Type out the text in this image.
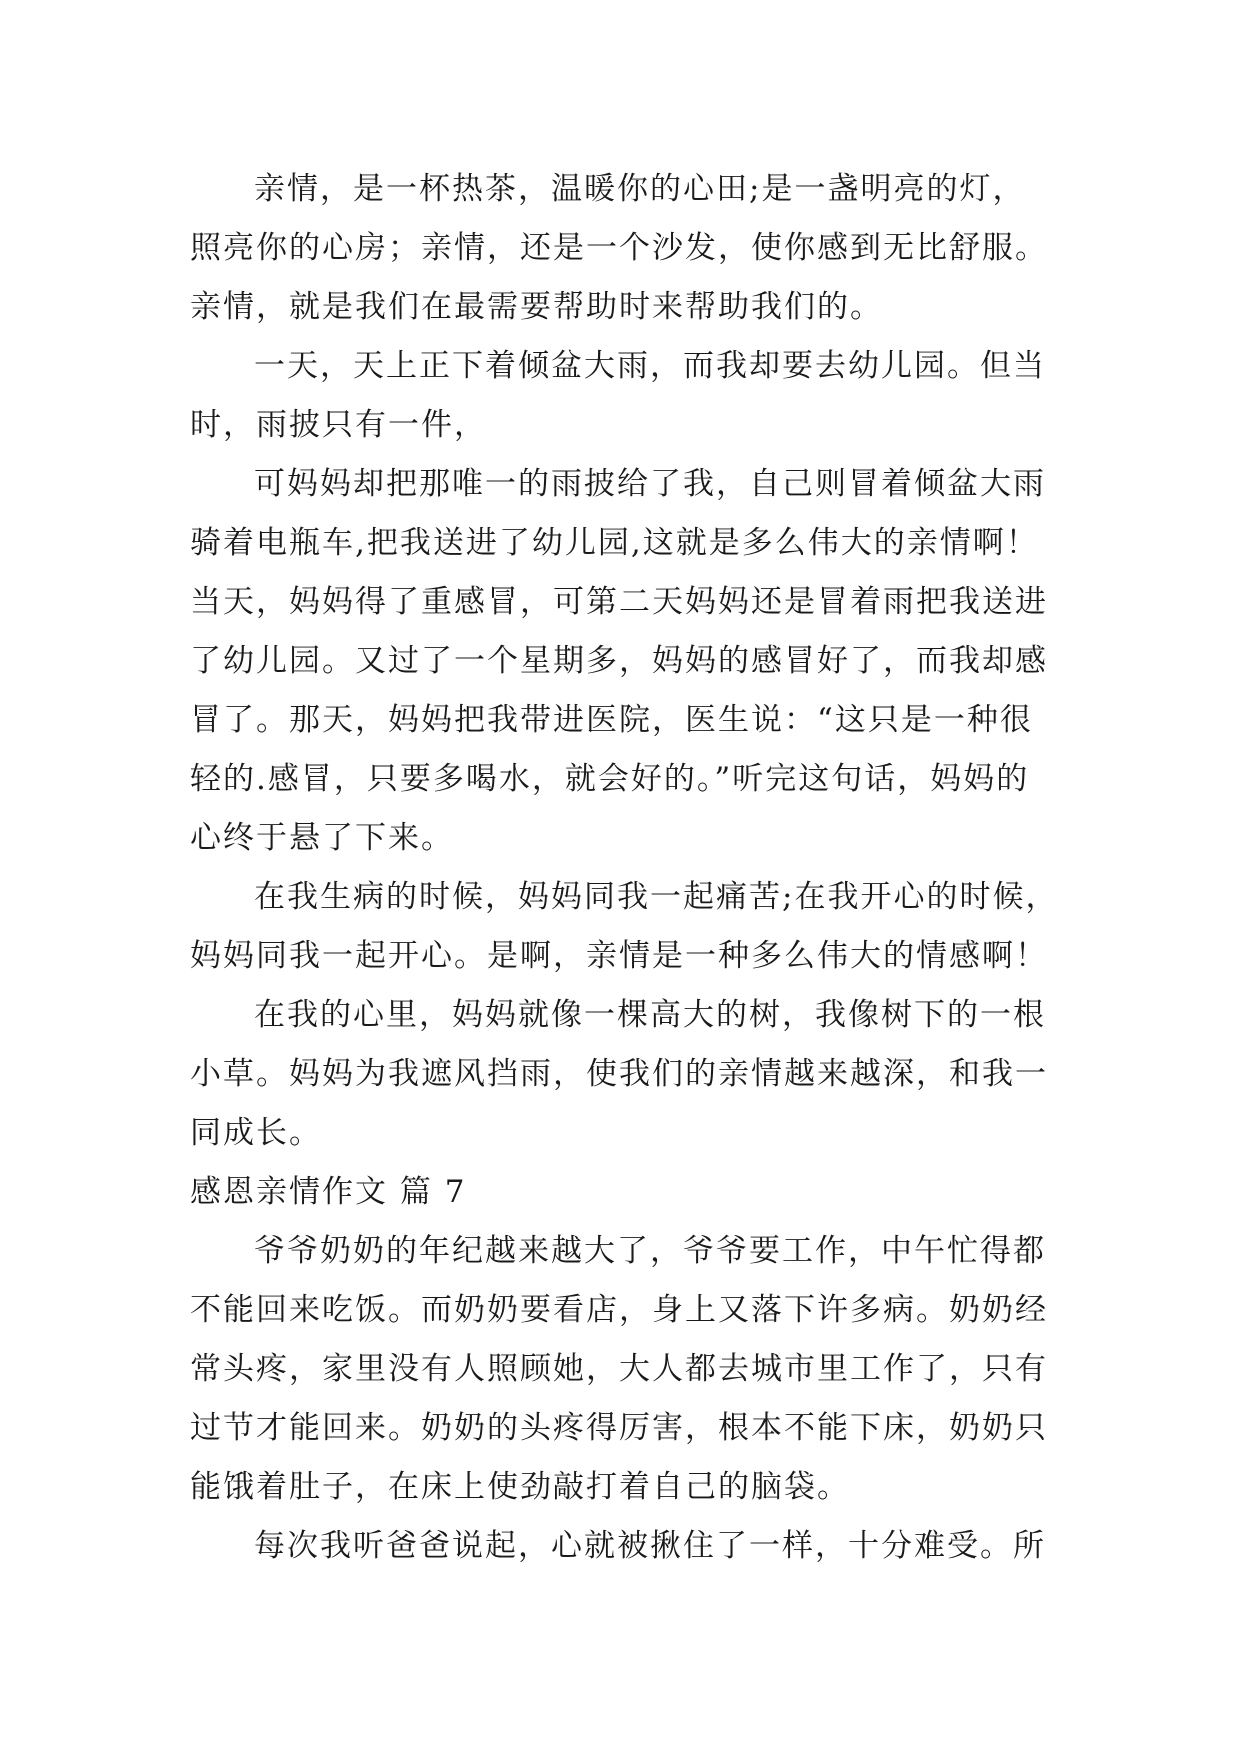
亲情，是一杯热茶，温暖你的心田;是一盏明亮的灯，
照亮你的心房；亲情，还是一个沙发，使你感到无比舒服。
亲情，就是我们在最需要帮助时来帮助我们的。

一天，天上正下着倾盆大雨，而我却要去幼儿园。但当
时，雨披只有一件，

可妈妈却把那唯一的雨披给了我，自己则冒着倾盆大雨
骑着电瓶车,把我送进了幼儿园,这就是多么伟大的亲情啊！
当天，妈妈得了重感冒，可第二天妈妈还是冒着雨把我送进
了幼儿园。又过了一个星期多，妈妈的感冒好了，而我却感
冒了。那天，妈妈把我带进医院，医生说：“这只是一种很
轻的.感冒，只要多喝水，就会好的。”听完这句话，妈妈的
心终于悬了下来。

在我生病的时候，妈妈同我一起痛苦;在我开心的时候，
妈妈同我一起开心。是啊，亲情是一种多么伟大的情感啊！

在我的心里，妈妈就像一棵高大的树，我像树下的一根
小草。妈妈为我遮风挡雨，使我们的亲情越来越深，和我一
同成长。

感恩亲情作文 篇 7

爷爷奶奶的年纪越来越大了，爷爷要工作，中午忙得都
不能回来吃饭。而奶奶要看店，身上又落下许多病。奶奶经
常头疼，家里没有人照顾她，大人都去城市里工作了，只有
过节才能回来。奶奶的头疼得厉害，根本不能下床，奶奶只
能饿着肚子，在床上使劲敲打着自己的脑袋。

每次我听爸爸说起，心就被揪住了一样，十分难受。所
